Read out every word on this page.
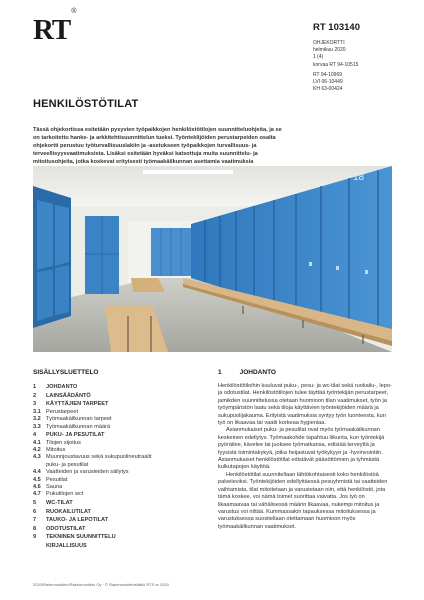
RT®
RT 103140
OHJEKORTTI
helmikuu 2020
1 (4)
korvaa RT 94-10515
RT 94-10969
LVI 06-10449
KH 63-00424
HENKILÖSTÖTILAT
Tässä ohjekortissa esitetään pysyvien työpaikkojen henkilöstötilojen suunnitteluohjeita, ja se on tarkoitettu hanke- ja arkkitehtisuunnittelun tueksi. Työnteklijöiden perustarpeiden osalta ohjekortti perustuu työturvallisuuslakiin ja -asetukseen työpaikkojen turvallisuus- ja terveellisyysvaatimuksista. Lisäksi esitetään hyväksi katsottuja muita suunnittelu- ja mitoitusohjeita, jotka koskevat erityisesti työmaakäilkunnan asettamia vaatimuksia
18
SISÄLLYSLUETTELO
1	JOHDANTO
2	LAINSÄÄDÄNTÖ
3	KÄYTTÄJIEN TARPEET
3.1 Perustarpeet
3.2 Työmaakäilkunnan tarpeet
3.3 Työmaakäilkunnan määrä
4	PUKU- JA PESUTILAT
4.1 Tilojen sijoitus
4.2 Mitoitus
4.3 Muunnjoustavuus sekä sukupuolineutraalit
puku- ja pesutilat
4.4 Vaatteiden ja varusteiden säilytys
4.5 Pesutilat
4.6 Sauna
4.7 Pukutilojen wct
5	WC-TILAT
6	RUOKAILUTILAT
7	TAUKO- JA LEPOTILAT
8	ODOTUSTILAT
9	TEKNINEN SUUNNITTELU
KIRJALLISUUS
1	JOHDANTO

Henkilöstötiloihin kuuluvat puku-, pesu- ja wc-tilat sekä ruokailu-, lepo- ja odotustilat. Henkilöstötilojen tulee täyttää työntekijän perustarpeet, jamikden suunnittelussa otetaan huomioon tilan vaatimukset, työn ja työympäristön laatu sekä tiloja käyttävien työntekijöiden määrä ja sukupuolijakauma. Erityistä vaatimuksia syntyy työn luonteesta, kun työ on likaavaa tai vaatii korkeaa hygieniaa.

Asianmukaiset puku- ja pesutilat ovat myös työmaakäilkunnan keskeinen edellytys. Työmaakohde tapahtuu liikunta, kun työntekijä pyöräilee, kävelee tai juoksee työmatkansa, edistää terveyttä ja fyysistä toimintakykyä, jotka heijastuvat työkykyyn ja -hyvinvointiin. Asianmukaiset henkilöstötilat edistävät pääsöttömien ja tyhmästä kulkutapojen käyttöä.

Henkilöstötilat suunnitellaan lähtökohtaisesti koko henkilöstöä palveleviksi. Työntekijöiden edellyttäessä pesuyhmistä tai vaatteiden vaihtamista, tilat mitoitetaan ja varustetaan niin, että henkilöstö, jota tämä koskee, voi nämä toimet suorittaa vaivatta. Jos työ on likaamaavaa tai vähälisessä määrin likaavaa, nukempi mitoitus ja varustus voi riittää. Kummassakin tapauksessa mitoituksessa ja varustuksessa suositellaan otettamaan huomioon myös työmaakäilkunnan vaatimukset.

2020/Rakennustieto/Rakennustieto Oy · © Rakennustietosäätiö RTS sr 2020
